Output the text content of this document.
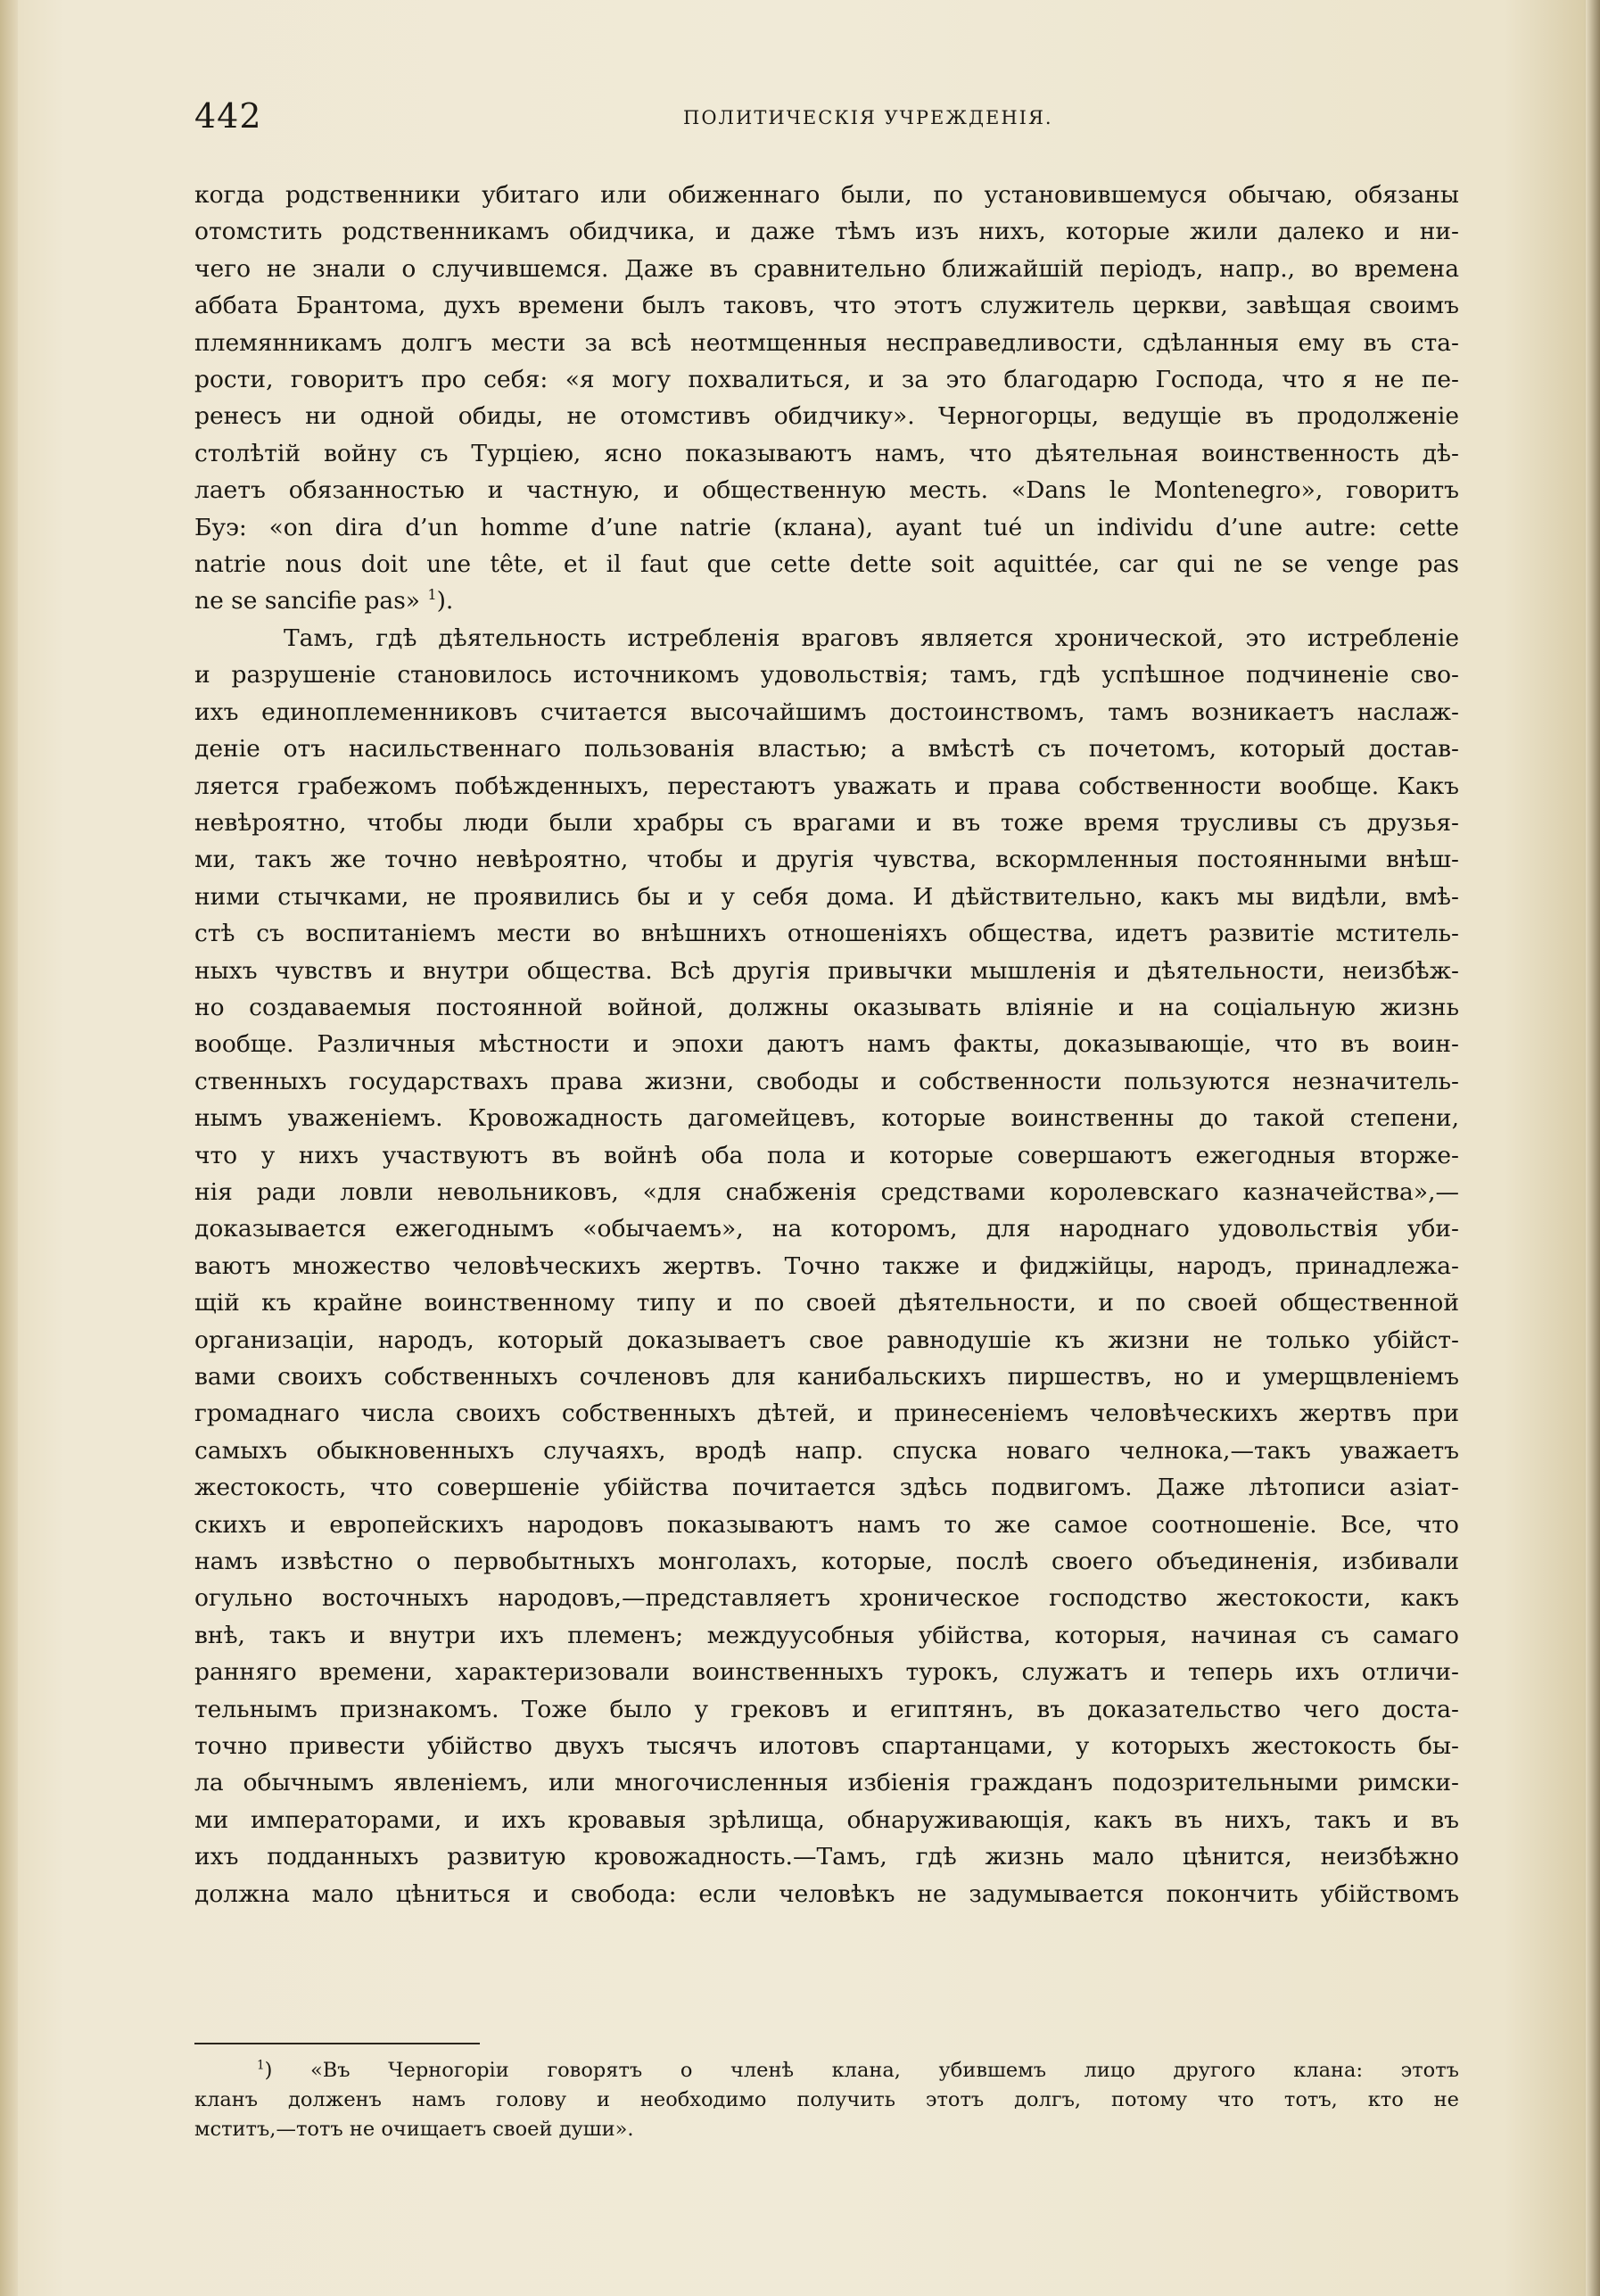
442	ПОЛИТИЧЕСКІЯ УЧРЕЖДЕНІЯ.
когда родственники убитаго или обиженнаго были, по установившемуся обычаю, обязаны
отомстить родственникамъ обидчика, и даже тѣмъ изъ нихъ, которые жили далеко и ни-
чего не знали о случившемся. Даже въ сравнительно ближайшій періодъ, напр., во времена
аббата Брантома, духъ времени былъ таковъ, что этотъ служитель церкви, завѣщая своимъ
племянникамъ долгъ мести за всѣ неотмщенныя несправедливости, сдѣланныя ему въ ста-
рости, говоритъ про себя: «я могу похвалиться, и за это благодарю Господа, что я не пе-
ренесъ ни одной обиды, не отомстивъ обидчику». Черногорцы, ведущіе въ продолженіе
столѣтій войну съ Турціею, ясно показываютъ намъ, что дѣятельная воинственность дѣ-
лаетъ обязанностью и частную, и общественную месть. «Dans le Montenegro», говоритъ
Буэ: «on dira d’un homme d’une natrie (клана), ayant tué un individu d’une autre: cette
natrie nous doit une tête, et il faut que cette dette soit aquittée, car qui ne se venge pas
ne se sancifie pas» $^1$).
Тамъ, гдѣ дѣятельность истребленія враговъ является хронической, это истребленіе
и разрушеніе становилось источникомъ удовольствія; тамъ, гдѣ успѣшное подчиненіе сво-
ихъ единоплеменниковъ считается высочайшимъ достоинствомъ, тамъ возникаетъ наслаж-
деніе отъ насильственнаго пользованія властью; а вмѣстѣ съ почетомъ, который достав-
ляется грабежомъ побѣжденныхъ, перестаютъ уважать и права собственности вообще. Какъ
невѣроятно, чтобы люди были храбры съ врагами и въ тоже время трусливы съ друзья-
ми, такъ же точно невѣроятно, чтобы и другія чувства, вскормленныя постоянными внѣш-
ними стычками, не проявились бы и у себя дома. И дѣйствительно, какъ мы видѣли, вмѣ-
стѣ съ воспитаніемъ мести во внѣшнихъ отношеніяхъ общества, идетъ развитіе мститель-
ныхъ чувствъ и внутри общества. Всѣ другія привычки мышленія и дѣятельности, неизбѣж-
но создаваемыя постоянной войной, должны оказывать вліяніе и на соціальную жизнь
вообще. Различныя мѣстности и эпохи даютъ намъ факты, доказывающіе, что въ воин-
ственныхъ государствахъ права жизни, свободы и собственности пользуются незначитель-
нымъ уваженіемъ. Кровожадность дагомейцевъ, которые воинственны до такой степени,
что у нихъ участвуютъ въ войнѣ оба пола и которые совершаютъ ежегодныя вторже-
нія ради ловли невольниковъ, «для снабженія средствами королевскаго казначейства»,—
доказывается ежегоднымъ «обычаемъ», на которомъ, для народнаго удовольствія уби-
ваютъ множество человѣческихъ жертвъ. Точно также и фиджійцы, народъ, принадлежа-
щій къ крайне воинственному типу и по своей дѣятельности, и по своей общественной
организаціи, народъ, который доказываетъ свое равнодушіе къ жизни не только убійст-
вами своихъ собственныхъ сочленовъ для канибальскихъ пиршествъ, но и умерщвленіемъ
громаднаго числа своихъ собственныхъ дѣтей, и принесеніемъ человѣческихъ жертвъ при
самыхъ обыкновенныхъ случаяхъ, вродѣ напр. спуска новаго челнока,—такъ уважаетъ
жестокость, что совершеніе убійства почитается здѣсь подвигомъ. Даже лѣтописи азіат-
скихъ и европейскихъ народовъ показываютъ намъ то же самое соотношеніе. Все, что
намъ извѣстно о первобытныхъ монголахъ, которые, послѣ своего объединенія, избивали
огульно восточныхъ народовъ,—представляетъ хроническое господство жестокости, какъ
внѣ, такъ и внутри ихъ племенъ; междуусобныя убійства, которыя, начиная съ самаго
ранняго времени, характеризовали воинственныхъ турокъ, служатъ и теперь ихъ отличи-
тельнымъ признакомъ. Тоже было у грековъ и египтянъ, въ доказательство чего доста-
точно привести убійство двухъ тысячъ илотовъ спартанцами, у которыхъ жестокость бы-
ла обычнымъ явленіемъ, или многочисленныя избіенія гражданъ подозрительными римски-
ми императорами, и ихъ кровавыя зрѣлища, обнаруживающія, какъ въ нихъ, такъ и въ
ихъ подданныхъ развитую кровожадность.—Тамъ, гдѣ жизнь мало цѣнится, неизбѣжно
должна мало цѣниться и свобода: если человѣкъ не задумывается покончить убійствомъ
$^1$) «Въ Черногоріи говорятъ о членѣ клана, убившемъ лицо другого клана: этотъ
кланъ долженъ намъ голову и необходимо получить этотъ долгъ, потому что тотъ, кто не
мститъ,—тотъ не очищаетъ своей души».
